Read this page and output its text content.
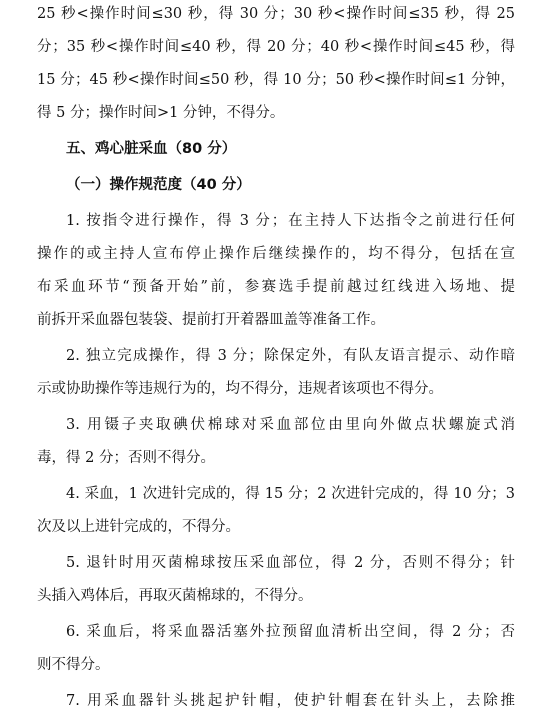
25 秒<操作时间≤30 秒，得 30 分；30 秒<操作时间≤35 秒，得 25
分；35 秒<操作时间≤40 秒，得 20 分；40 秒<操作时间≤45 秒，得
15 分；45 秒<操作时间≤50 秒，得 10 分；50 秒<操作时间≤1 分钟，
得 5 分；操作时间>1 分钟，不得分。
五、鸡心脏采血（80 分）
（一）操作规范度（40 分）
1. 按指令进行操作，得 3 分；在主持人下达指令之前进行任何
操作的或主持人宣布停止操作后继续操作的，均不得分，包括在宣
布采血环节“预备开始”前，参赛选手提前越过红线进入场地、提
前拆开采血器包装袋、提前打开着器皿盖等准备工作。
2. 独立完成操作，得 3 分；除保定外，有队友语言提示、动作暗
示或协助操作等违规行为的，均不得分，违规者该项也不得分。
3. 用镊子夹取碘伏棉球对采血部位由里向外做点状螺旋式消
毒，得 2 分；否则不得分。
4. 采血，1 次进针完成的，得 15 分；2 次进针完成的，得 10 分；3
次及以上进针完成的，不得分。
5. 退针时用灭菌棉球按压采血部位，得 2 分，否则不得分；针
头插入鸡体后，再取灭菌棉球的，不得分。
6. 采血后，将采血器活塞外拉预留血清析出空间，得 2 分；否
则不得分。
7. 用采血器针头挑起护针帽，使护针帽套在针头上，去除推
